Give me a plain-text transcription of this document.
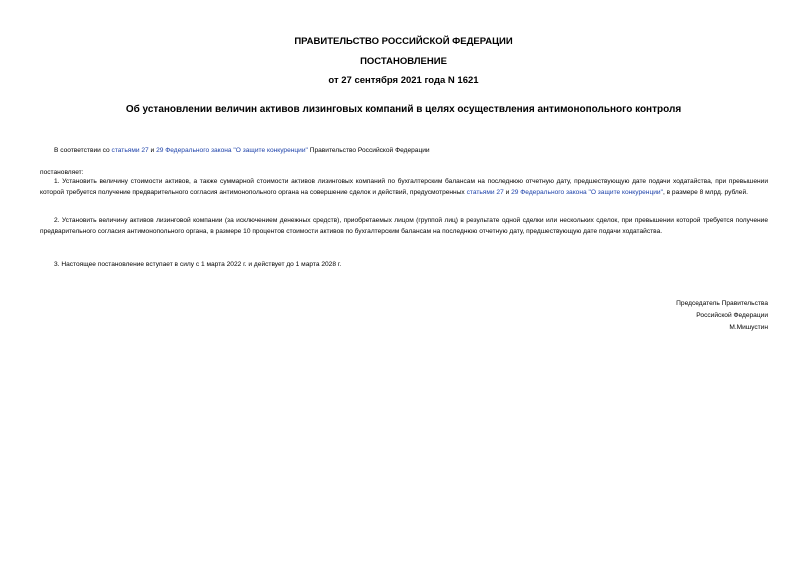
ПРАВИТЕЛЬСТВО РОССИЙСКОЙ ФЕДЕРАЦИИ
ПОСТАНОВЛЕНИЕ
от 27 сентября 2021 года N 1621
Об установлении величин активов лизинговых компаний в целях осуществления антимонопольного контроля

В соответствии со статьями 27 и 29 Федерального закона "О защите конкуренции" Правительство Российской Федерации

постановляет:

1. Установить величину стоимости активов, а также суммарной стоимости активов лизинговых компаний по бухгалтерским балансам на последнюю отчетную дату, предшествующую дате подачи ходатайства, при превышении которой требуется получение предварительного согласия антимонопольного органа на совершение сделок и действий, предусмотренных статьями 27 и 29 Федерального закона "О защите конкуренции", в размере 8 млрд. рублей.

2. Установить величину активов лизинговой компании (за исключением денежных средств), приобретаемых лицом (группой лиц) в результате одной сделки или нескольких сделок, при превышении которой требуется получение предварительного согласия антимонопольного органа, в размере 10 процентов стоимости активов по бухгалтерским балансам на последнюю отчетную дату, предшествующую дате подачи ходатайства.

3. Настоящее постановление вступает в силу с 1 марта 2022 г. и действует до 1 марта 2028 г.

Председатель Правительства
Российской Федерации
М.Мишустин
